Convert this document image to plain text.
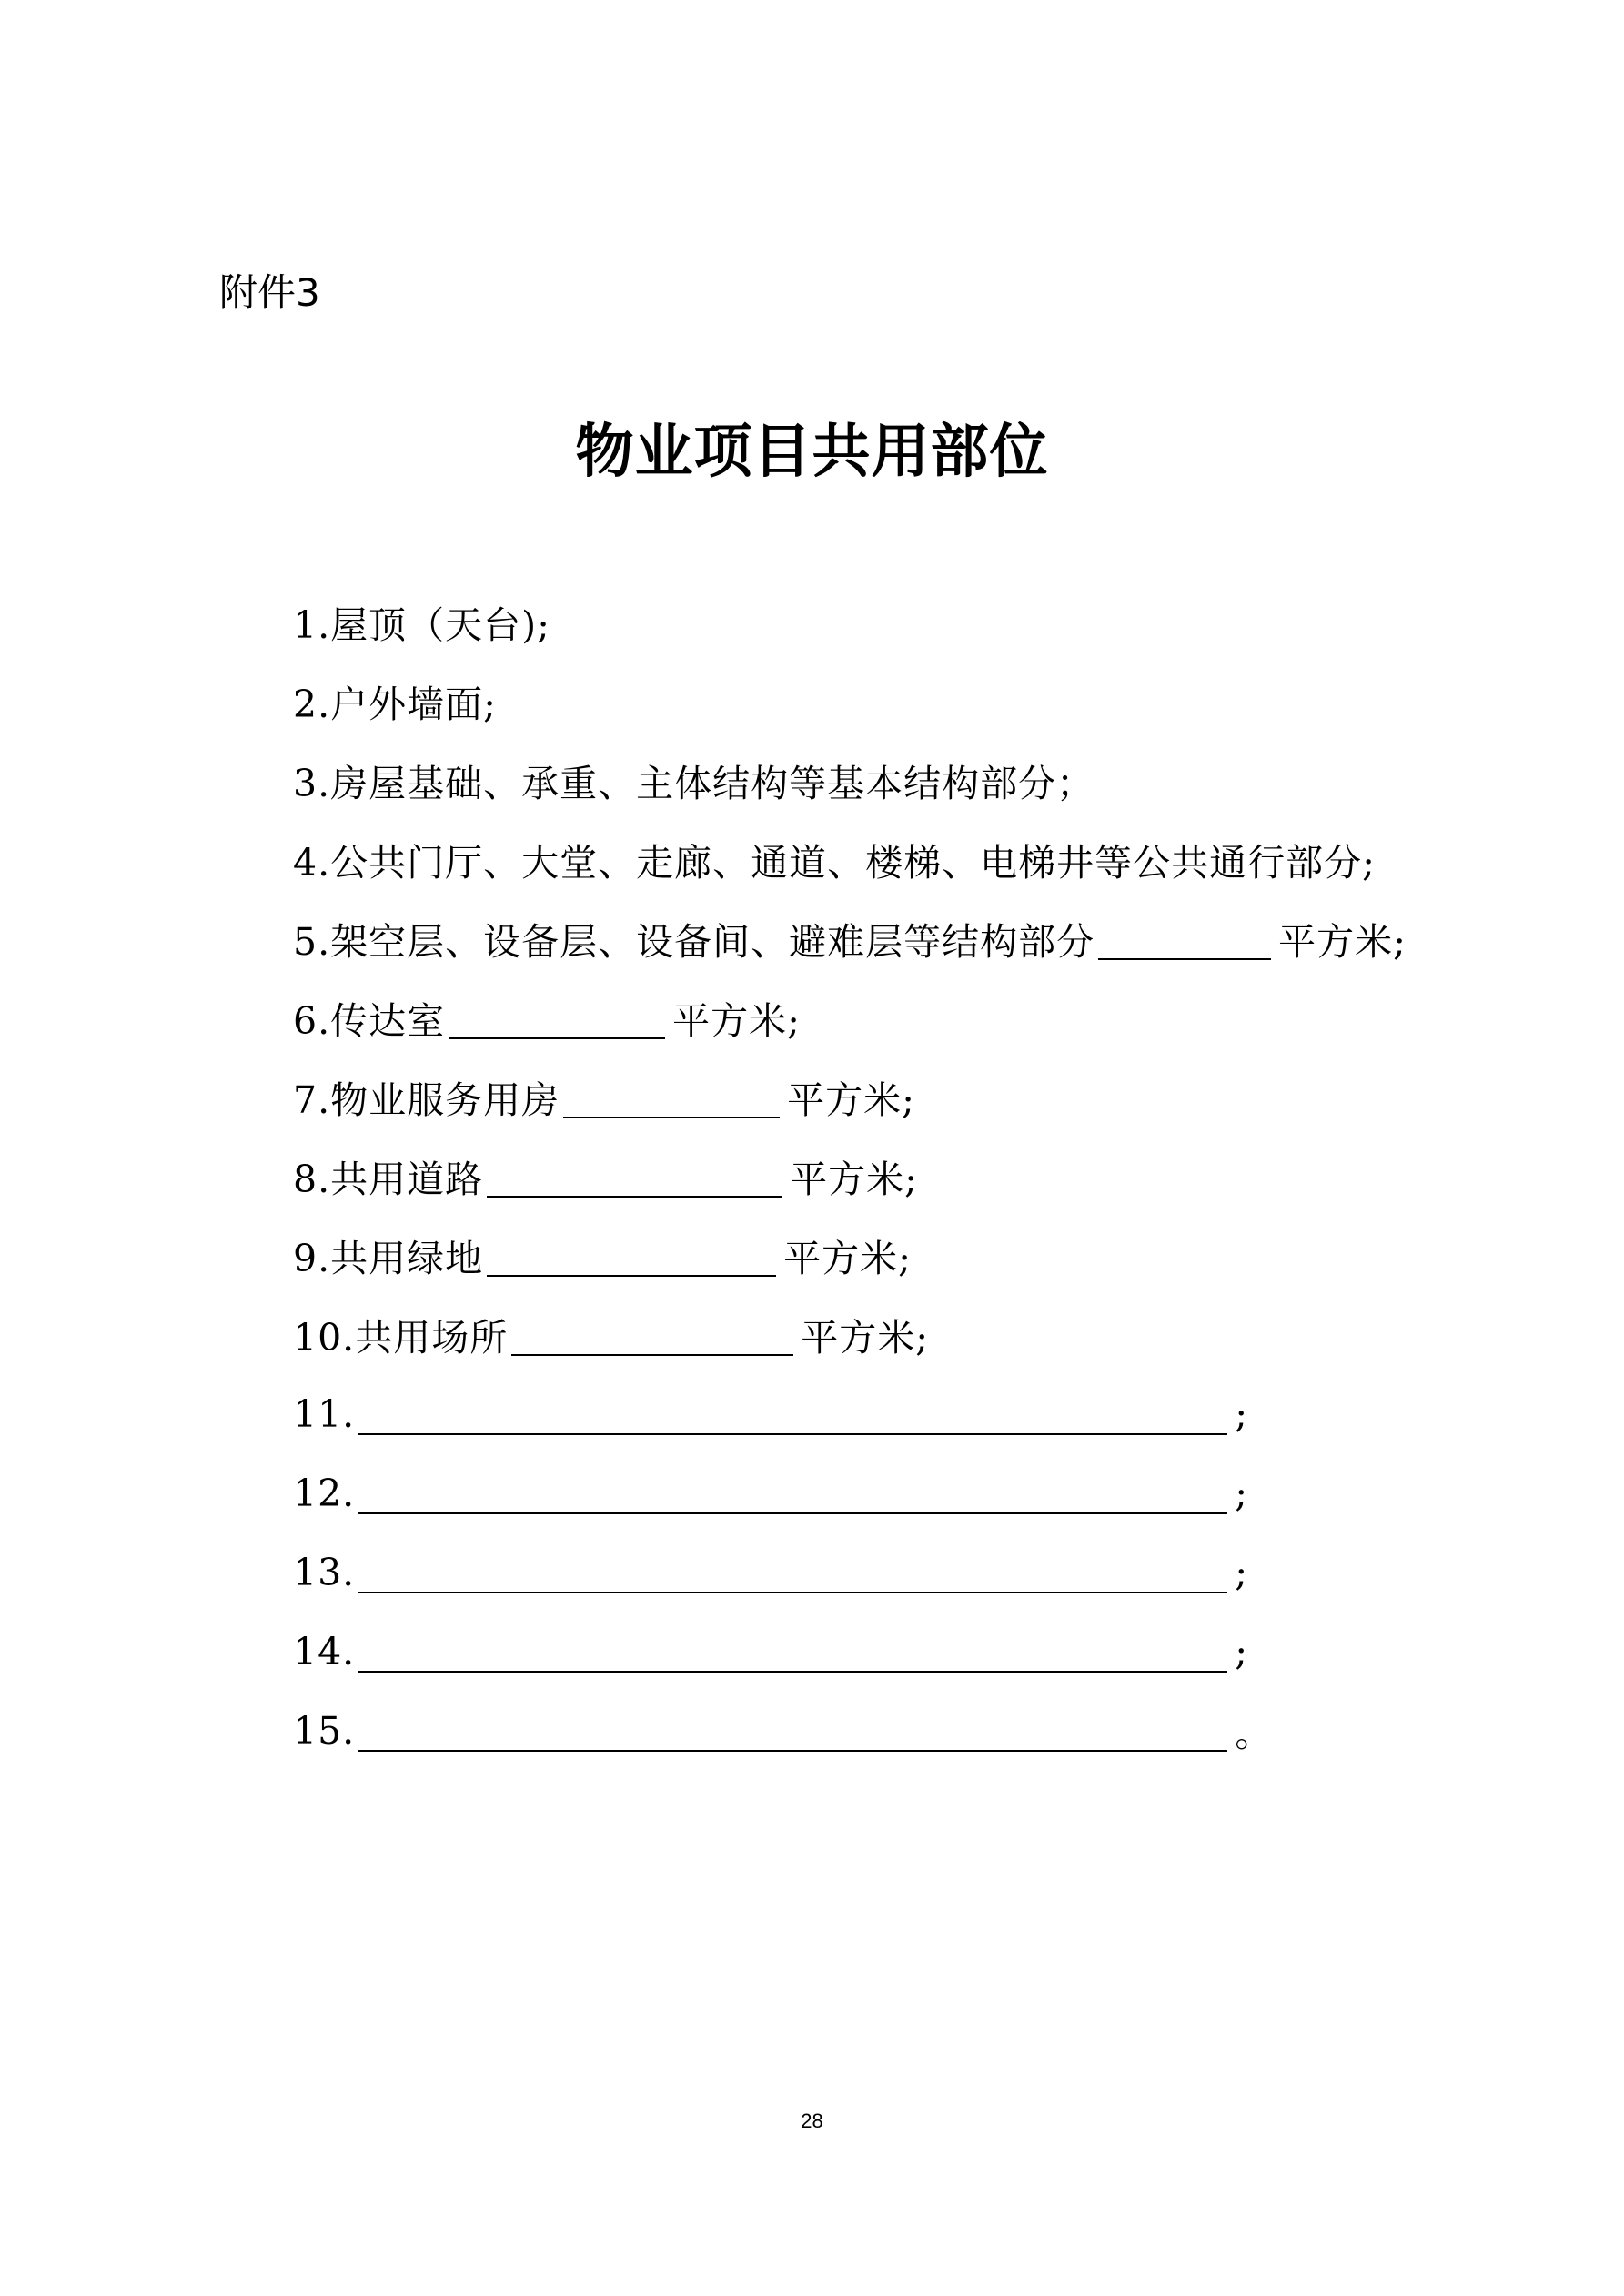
附件3
物业项目共用部位
1.屋顶（天台);
2.户外墙面;
3.房屋基础、承重、主体结构等基本结构部分；
4.公共门厅、大堂、走廊、通道、楼梯、电梯井等公共通行部分;
5.架空层、设备层、设备间、避难层等结构部分	平方米;
6.传达室	平方米;
7.物业服务用房	平方米;
8.共用道路	平方米;
9.共用绿地	平方米;
10.共用场所	平方米;
11.	;
12.	;
13.	;
14.	;
15.	。
28
